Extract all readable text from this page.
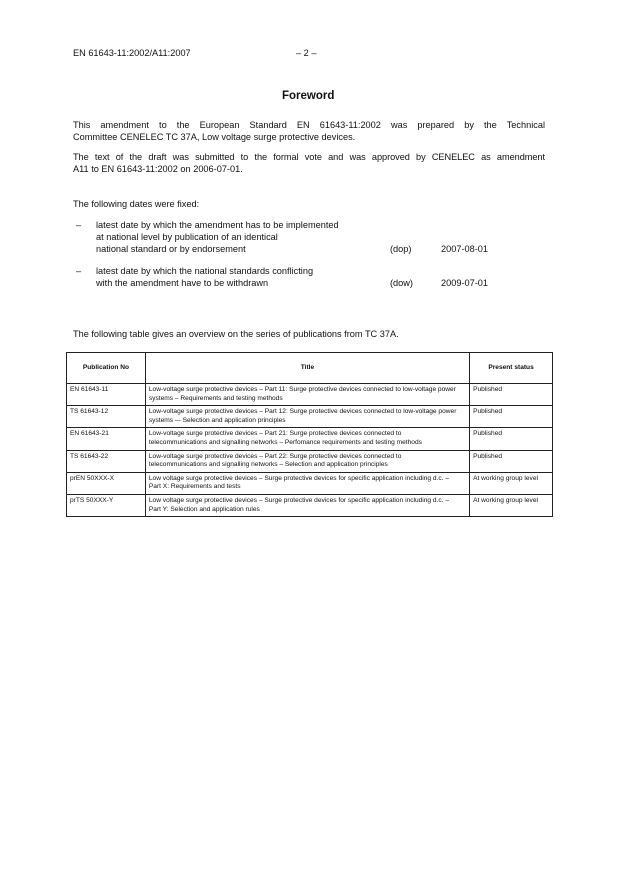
EN 61643-11:2002/A11:2007	– 2 –
Foreword
This amendment to the European Standard EN 61643-11:2002 was prepared by the Technical
Committee CENELEC TC 37A, Low voltage surge protective devices.
The text of the draft was submitted to the formal vote and was approved by CENELEC as amendment
A11 to EN 61643-11:2002 on 2006-07-01.
The following dates were fixed:
– latest date by which the amendment has to be implemented
at national level by publication of an identical
national standard or by endorsement	(dop)	2007-08-01
– latest date by which the national standards conflicting
with the amendment have to be withdrawn	(dow)	2009-07-01
The following table gives an overview on the series of publications from TC 37A.
Publication No	Title	Present status
EN 61643-11	Low-voltage surge protective devices – Part 11: Surge protective devices connected to low-voltage power systems – Requirements and testing methods	Published
TS 61643-12	Low-voltage surge protective devices – Part 12: Surge protective devices connected to low-voltage power systems –- Selection and application principles	Published
EN 61643-21	Low-voltage surge protective devices – Part 21: Surge protective devices connected to telecommunications and signalling networks – Perfomance requirements and testing methods	Published
TS 61643-22	Low-voltage surge protective devices – Part 22: Surge protective devices connected to telecommunications and signalling networks – Selection and application principles	Published
prEN 50XXX-X	Low voltage surge protective devices – Surge protective devices for specific application including d.c. – Part X: Requirements and tests	At working group level
prTS 50XXX-Y	Low voltage surge protective devices – Surge protective devices for specific application including d.c. – Part Y: Selection and application rules	At working group level
